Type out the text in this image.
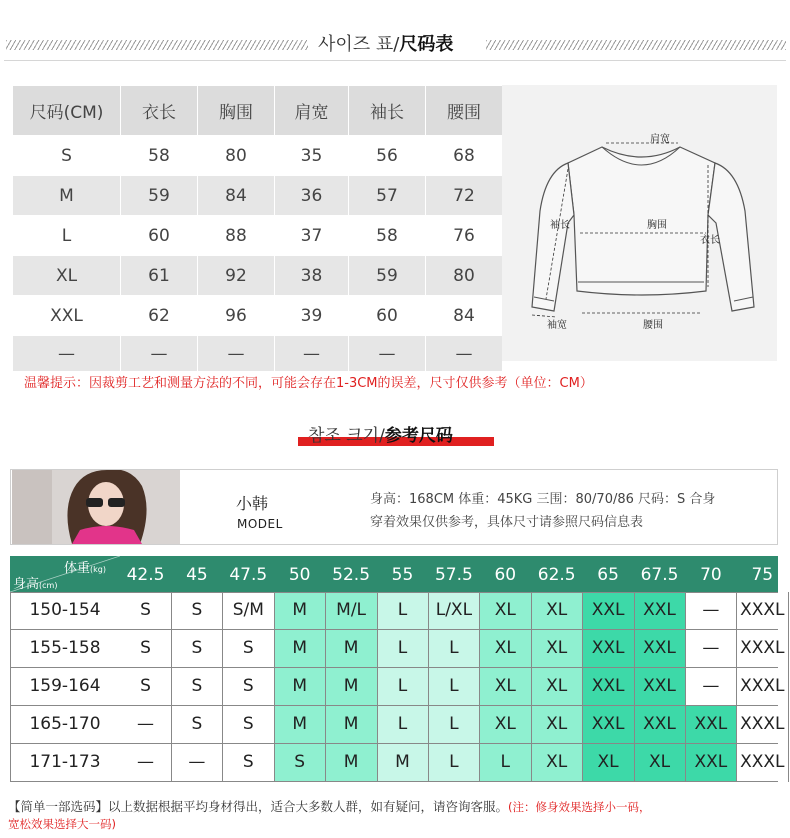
사이즈 표/尺码表
尺码(CM)	衣长	胸围	肩宽	袖长	腰围
S	58	80	35	56	68
M	59	84	36	57	72
L	60	88	37	58	76
XL	61	92	38	59	80
XXL	62	96	39	60	84
—	—	—	—	—	—
肩宽
袖长	胸围
衣长
袖宽	腰围
温馨提示：因裁剪工艺和测量方法的不同，可能会存在1-3CM的误差，尺寸仅供参考（单位：CM）
참조 크기/参考尺码
小韩
MODEL
身高：168CM 体重：45KG 三围：80/70/86 尺码：S 合身
穿着效果仅供参考，具体尺寸请参照尺码信息表
体重(kg)
身高(cm)
42.5	45	47.5	50	52.5	55	57.5	60	62.5	65	67.5	70	75
150-154	S	S	S/M	M	M/L	L	L/XL	XL	XL	XXL	XXL	—	XXXL
155-158	S	S	S	M	M	L	L	XL	XL	XXL	XXL	—	XXXL
159-164	S	S	S	M	M	L	L	XL	XL	XXL	XXL	—	XXXL
165-170	—	S	S	M	M	L	L	XL	XL	XXL	XXL	XXL XXXL
171-173	—	—	S	S	M	M	L	L	XL	XL	XL	XXL XXXL
【简单一部选码】以上数据根据平均身材得出，适合大多数人群，如有疑问，请咨询客服。(注：修身效果选择小一码，
宽松效果选择大一码)
